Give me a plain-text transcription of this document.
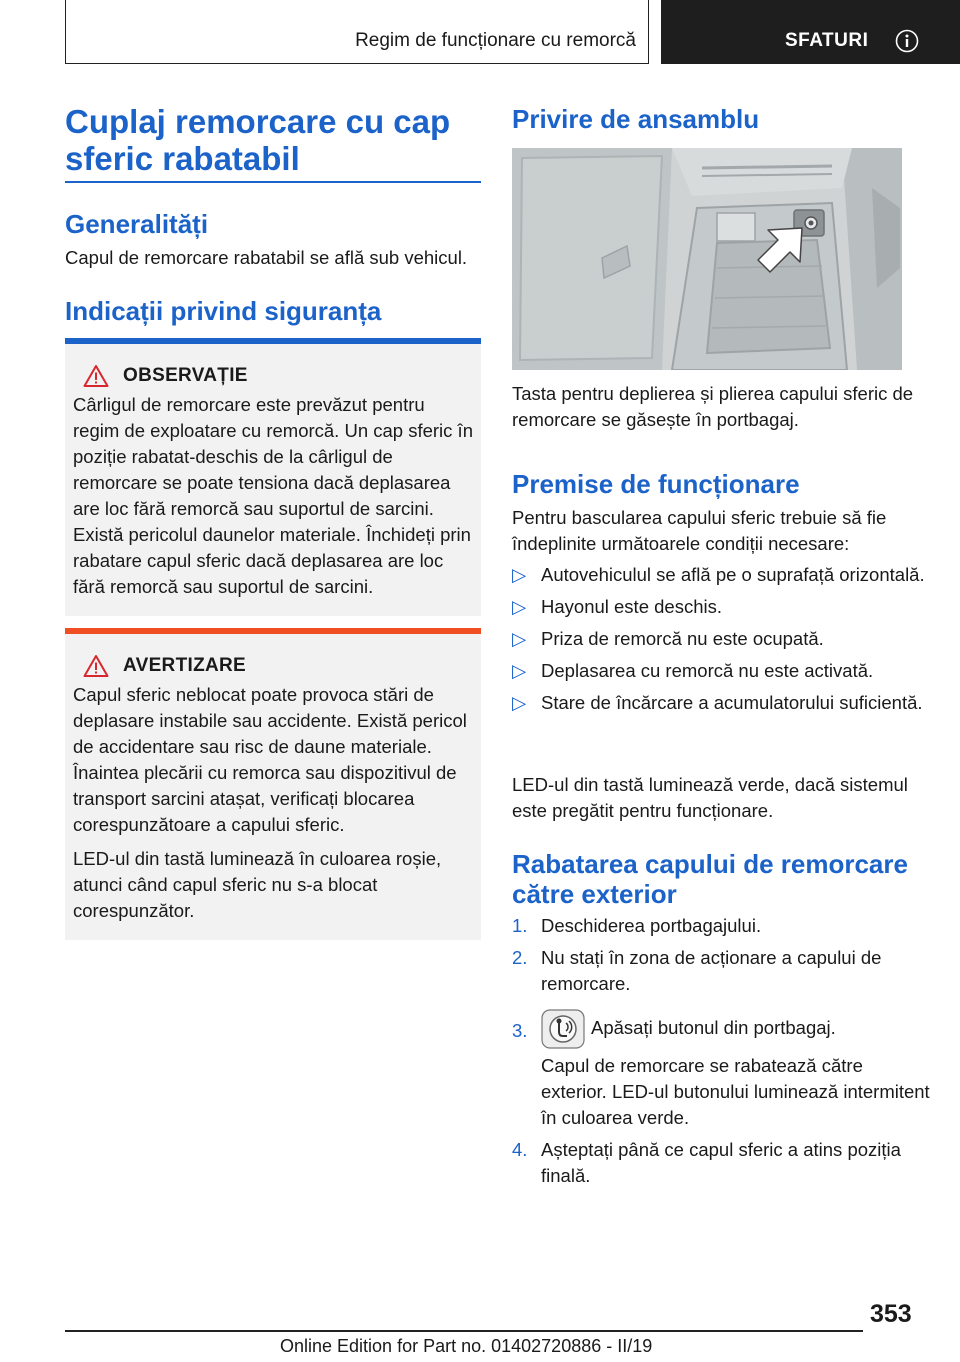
Regim de funcționare cu remorcă	SFATURI
Cuplaj remorcare cu cap sferic rabatabil
Generalități

Capul de remorcare rabatabil se află sub vehicul.

Indicații privind siguranța
OBSERVAȚIE

Cârligul de remorcare este prevăzut pentru regim de exploatare cu remorcă. Un cap sferic în poziție rabatat-deschis de la cârligul de remorcare se poate tensiona dacă deplasarea are loc fără remorcă sau suportul de sarcini. Există pericolul daunelor materiale. Închideți prin rabatare capul sferic dacă deplasarea are loc fără remorcă sau suportul de sarcini.

AVERTIZARE

Capul sferic neblocat poate provoca stări de deplasare instabile sau accidente. Există pericol de accidentare sau risc de daune materiale. Înaintea plecării cu remorca sau dispozitivul de transport sarcini atașat, verificați blocarea corespunzătoare a capului sferic.

LED-ul din tastă luminează în culoarea roșie, atunci când capul sferic nu s-a blocat corespunzător.

Privire de ansamblu

Tasta pentru deplierea și plierea capului sferic de remorcare se găsește în portbagaj.

Premise de funcționare

Pentru bascularea capului sferic trebuie să fie îndeplinite următoarele condiții necesare:

▷ Autovehiculul se află pe o suprafață orizontală.
▷ Hayonul este deschis.
▷ Priza de remorcă nu este ocupată.
▷ Deplasarea cu remorcă nu este activată.
▷ Stare de încărcare a acumulatorului suficientă.

LED-ul din tastă luminează verde, dacă sistemul este pregătit pentru funcționare.

Rabatarea capului de remorcare către exterior
1. Deschiderea portbagajului.
2. Nu stați în zona de acționare a capului de remorcare.
3.	Apăsați butonul din portbagaj.
Capul de remorcare se rabatează către exterior. LED-ul butonului luminează intermitent în culoarea verde.
4. Așteptați până ce capul sferic a atins poziția finală.
353
Online Edition for Part no. 01402720886 - II/19
